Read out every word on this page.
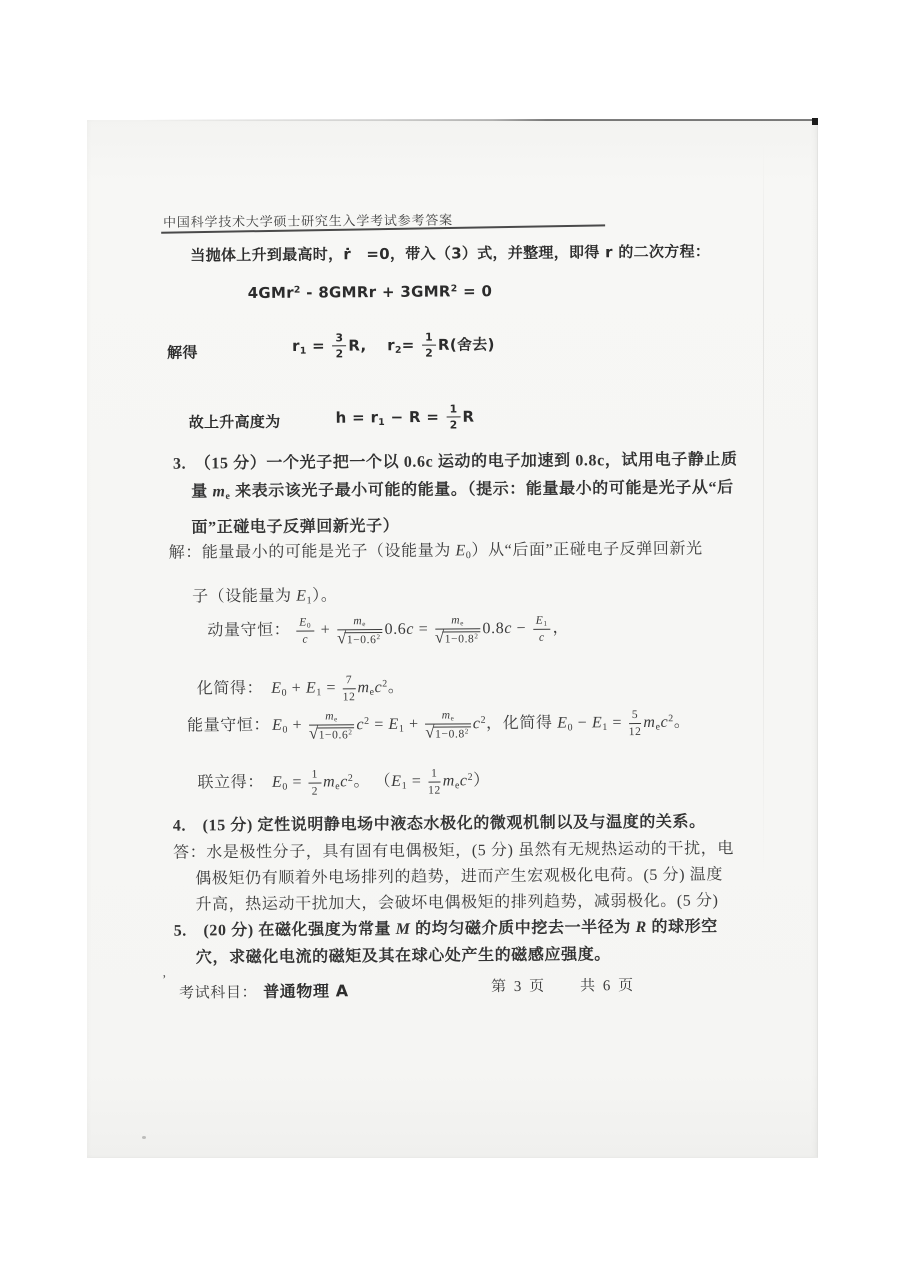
中国科学技术大学硕士研究生入学考试参考答案
当抛体上升到最高时，ṙ　=0，带入（3）式，并整理，即得 r 的二次方程：
4GMr$^2$ - 8GMRr + $3GMR^2 = 0$
解得	$r_1 = \frac{3}{2} R$,　 $r_2= \frac{1}{2} R$(舍去)
故上升高度为	$h = r_1 - R = \frac{1}{2}$ R
3.　（15 分）一个光子把一个以 0.6c 运动的电子加速到 0.8c，试用电子静止质
量 $m_e$ 来表示该光子最小可能的能量。（提示：能量最小的可能是光子从“后
面”正碰电子反弹回新光子）
解：能量最小的可能是光子（设能量为 $E_0$）从“后面”正碰电子反弹回新光
子（设能量为 $E_1$）。
动量守恒： $\frac{E_0}{c} + \frac{m_e}{√ 1-0.6^2} 0.6c = \frac{m_e}{√ 1-0.8^2} 0.8c - \frac{E_1}{c}$ ，
化简得： $E_0 + E_1 = \frac{7}{12} m_ec^2$。
能量守恒： $E_0 + \frac{m_e}{√ 1-0.6^2} c^2 = E_1 + \frac{m_e}{√ 1-0.8^2} c^2$，化简得 $E_0 - E_1 = \frac{5}{12} m_ec^2$。
联立得： $E_0 = \frac{1}{2} m_ec^2$。 $(E_1 = \frac{1}{12} m_ec^2)$
4.　(15 分) 定性说明静电场中液态水极化的微观机制以及与温度的关系。
答：水是极性分子，具有固有电偶极矩，(5 分) 虽然有无规热运动的干扰，电
偶极矩仍有顺着外电场排列的趋势，进而产生宏观极化电荷。(5 分) 温度
升高，热运动干扰加大，会破坏电偶极矩的排列趋势，减弱极化。(5 分)
5.　(20 分) 在磁化强度为常量 M 的均匀磁介质中挖去一半径为 R 的球形空
穴，求磁化电流的磁矩及其在球心处产生的磁感应强度。
’
考试科目： 普通物理 A	第 3 页　　共 6 页
